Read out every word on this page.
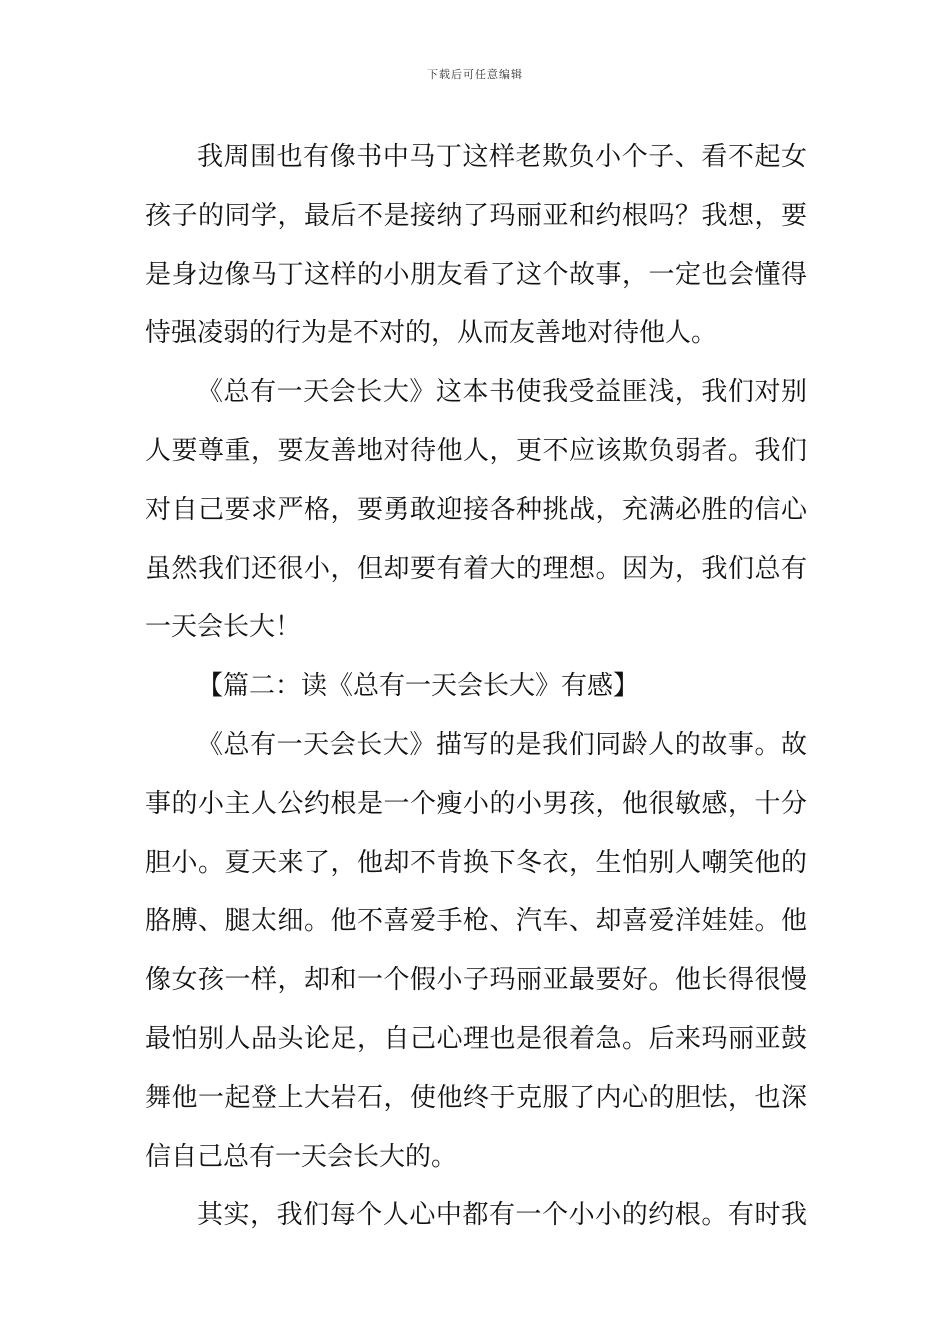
下载后可任意编辑
我周围也有像书中马丁这样老欺负小个子、看不起女
孩子的同学，最后不是接纳了玛丽亚和约根吗？我想，要
是身边像马丁这样的小朋友看了这个故事，一定也会懂得
恃强凌弱的行为是不对的，从而友善地对待他人。
《总有一天会长大》这本书使我受益匪浅，我们对别
人要尊重，要友善地对待他人，更不应该欺负弱者。我们
对自己要求严格，要勇敢迎接各种挑战，充满必胜的信心
虽然我们还很小，但却要有着大的理想。因为，我们总有
一天会长大！
【篇二：读《总有一天会长大》有感】
《总有一天会长大》描写的是我们同龄人的故事。故
事的小主人公约根是一个瘦小的小男孩，他很敏感，十分
胆小。夏天来了，他却不肯换下冬衣，生怕别人嘲笑他的
胳膊、腿太细。他不喜爱手枪、汽车、却喜爱洋娃娃。他
像女孩一样，却和一个假小子玛丽亚最要好。他长得很慢
最怕别人品头论足，自己心理也是很着急。后来玛丽亚鼓
舞他一起登上大岩石，使他终于克服了内心的胆怯，也深
信自己总有一天会长大的。
其实，我们每个人心中都有一个小小的约根。有时我
